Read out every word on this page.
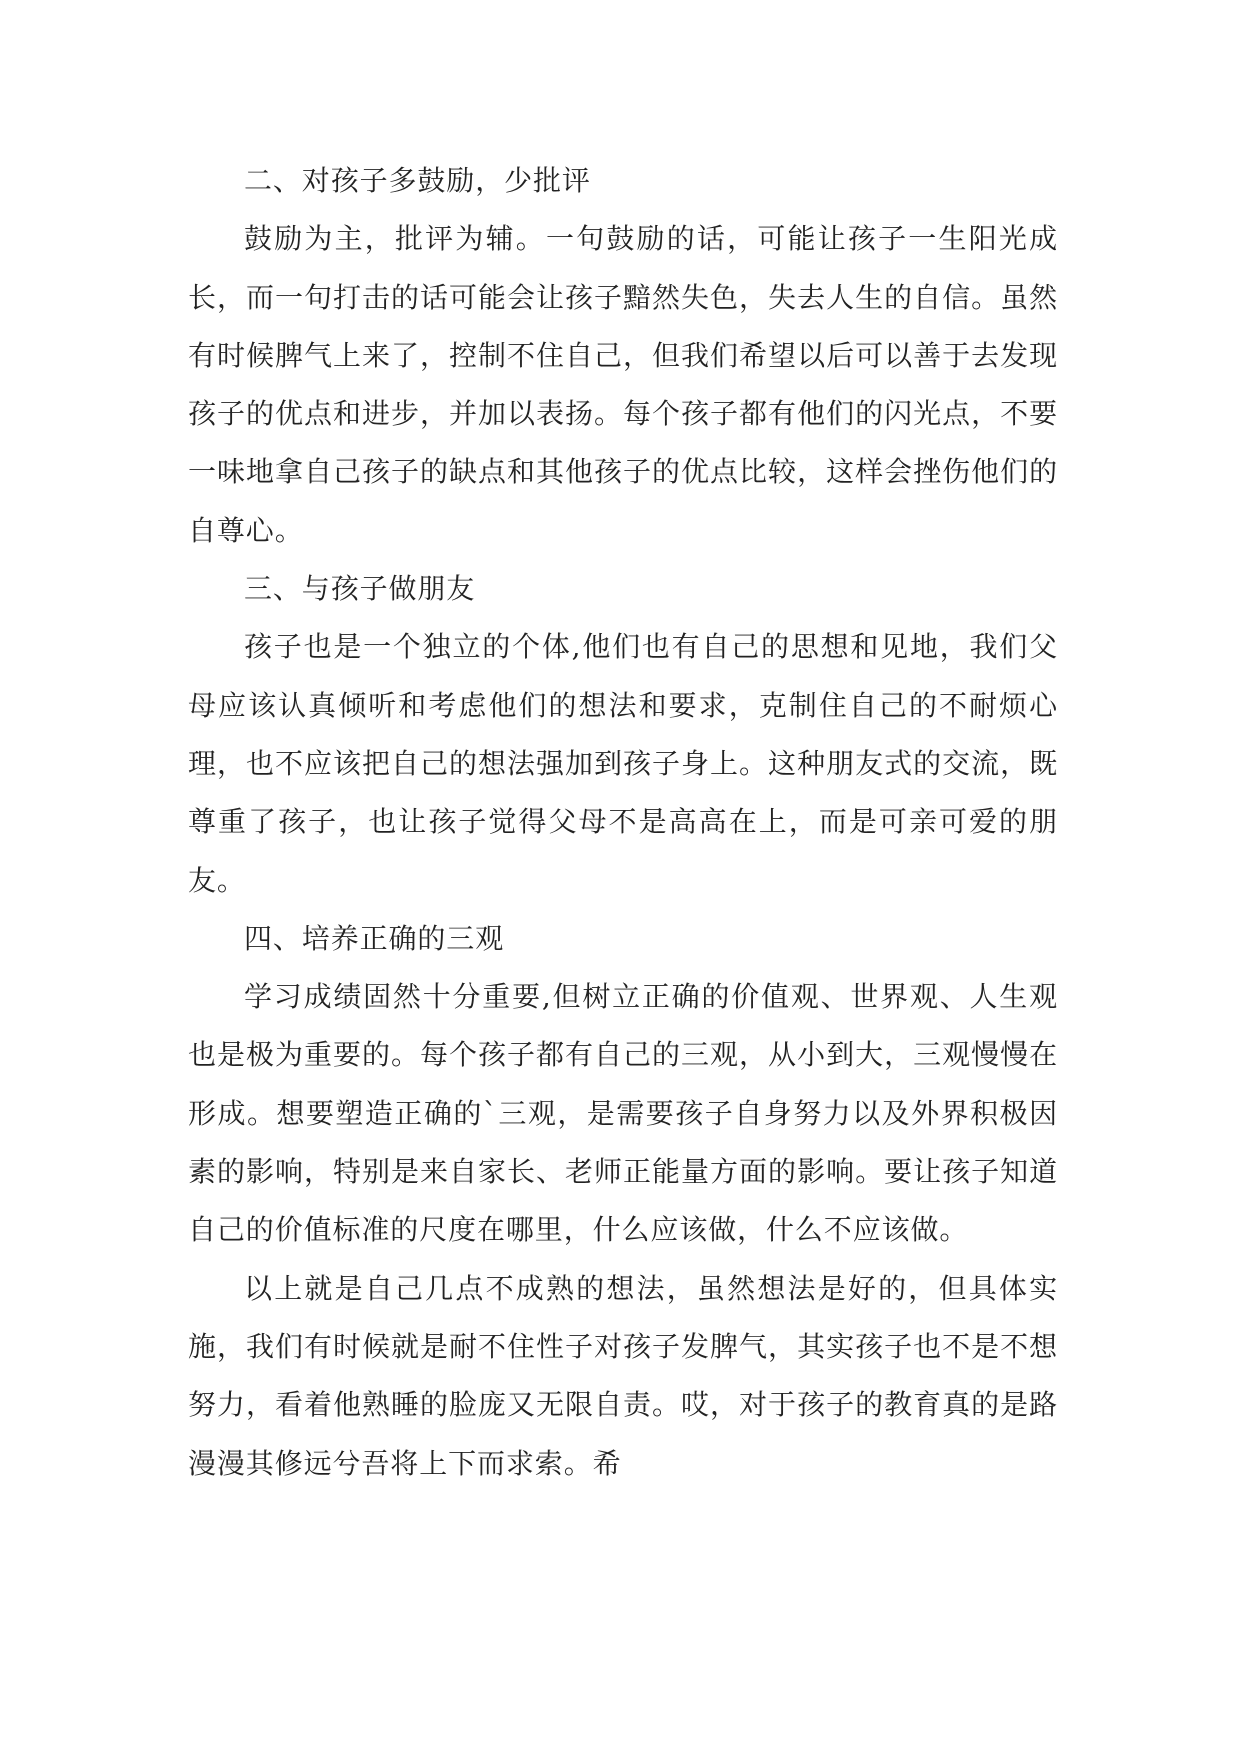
二、对孩子多鼓励，少批评

鼓励为主，批评为辅。一句鼓励的话，可能让孩子一生阳光成长，而一句打击的话可能会让孩子黯然失色，失去人生的自信。虽然有时候脾气上来了，控制不住自己，但我们希望以后可以善于去发现孩子的优点和进步，并加以表扬。每个孩子都有他们的闪光点，不要一味地拿自己孩子的缺点和其他孩子的优点比较，这样会挫伤他们的自尊心。

三、与孩子做朋友

孩子也是一个独立的个体,他们也有自己的思想和见地，我们父母应该认真倾听和考虑他们的想法和要求，克制住自己的不耐烦心理，也不应该把自己的想法强加到孩子身上。这种朋友式的交流，既尊重了孩子，也让孩子觉得父母不是高高在上，而是可亲可爱的朋友。

四、培养正确的三观

学习成绩固然十分重要,但树立正确的价值观、世界观、人生观也是极为重要的。每个孩子都有自己的三观，从小到大，三观慢慢在形成。想要塑造正确的`三观，是需要孩子自身努力以及外界积极因素的影响，特别是来自家长、老师正能量方面的影响。要让孩子知道自己的价值标准的尺度在哪里，什么应该做，什么不应该做。

以上就是自己几点不成熟的想法，虽然想法是好的，但具体实施，我们有时候就是耐不住性子对孩子发脾气，其实孩子也不是不想努力，看着他熟睡的脸庞又无限自责。哎，对于孩子的教育真的是路漫漫其修远兮吾将上下而求索。希
